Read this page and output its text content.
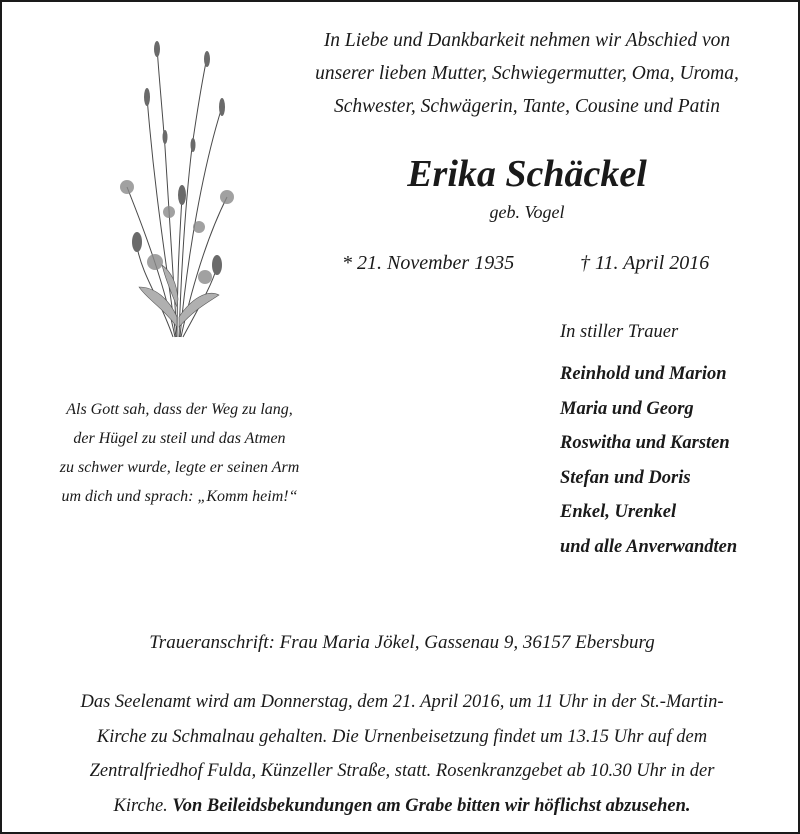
In Liebe und Dankbarkeit nehmen wir Abschied von
unserer lieben Mutter, Schwiegermutter, Oma, Uroma,
Schwester, Schwägerin, Tante, Cousine und Patin
Erika Schäckel
geb. Vogel
* 21. November 1935	† 11. April 2016
In stiller Trauer
Reinhold und Marion
Maria und Georg
Roswitha und Karsten
Stefan und Doris
Enkel, Urenkel
und alle Anverwandten
Als Gott sah, dass der Weg zu lang,
der Hügel zu steil und das Atmen
zu schwer wurde, legte er seinen Arm
um dich und sprach: „Komm heim!“
Traueranschrift: Frau Maria Jökel, Gassenau 9, 36157 Ebersburg
Das Seelenamt wird am Donnerstag, dem 21. April 2016, um 11 Uhr in der St.-Martin-
Kirche zu Schmalnau gehalten. Die Urnenbeisetzung findet um 13.15 Uhr auf dem
Zentralfriedhof Fulda, Künzeller Straße, statt. Rosenkranzgebet ab 10.30 Uhr in der
Kirche. Von Beileidsbekundungen am Grabe bitten wir höflichst abzusehen.
